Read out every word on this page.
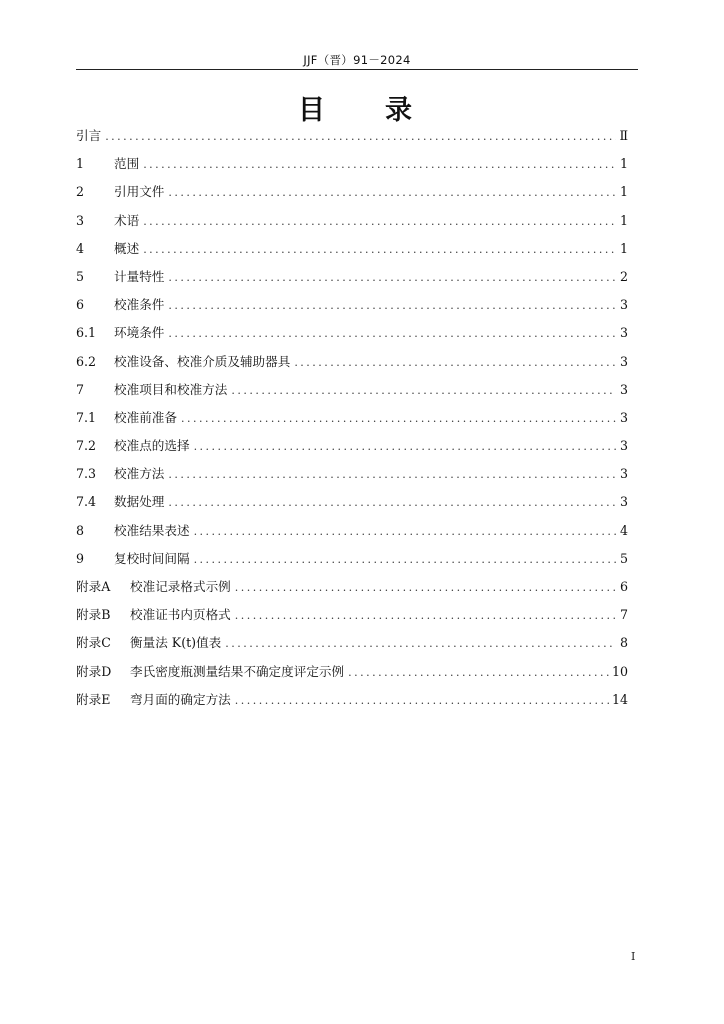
JJF（晋）91－2024
目录
引言 .....	Ⅱ
1	范围 .....	1
2	引用文件 .....	1
3	术语 .....	1
4	概述 .....	1
5	计量特性 .....	2
6	校准条件 .....	3
6.1	环境条件 .....	3
6.2	校准设备、校准介质及辅助器具 .....	3
7	校准项目和校准方法 .....	3
7.1	校准前准备 .....	3
7.2	校准点的选择 .....	3
7.3	校准方法 .....	3
7.4	数据处理 .....	3
8	校准结果表述 .....	4
9	复校时间间隔 .....	5
附录A	校准记录格式示例 .....	6
附录B	校准证书内页格式 .....	7
附录C	衡量法 K(t)值表 .....	8
附录D	李氏密度瓶测量结果不确定度评定示例 .....	10
附录E	弯月面的确定方法 .....	14
I
